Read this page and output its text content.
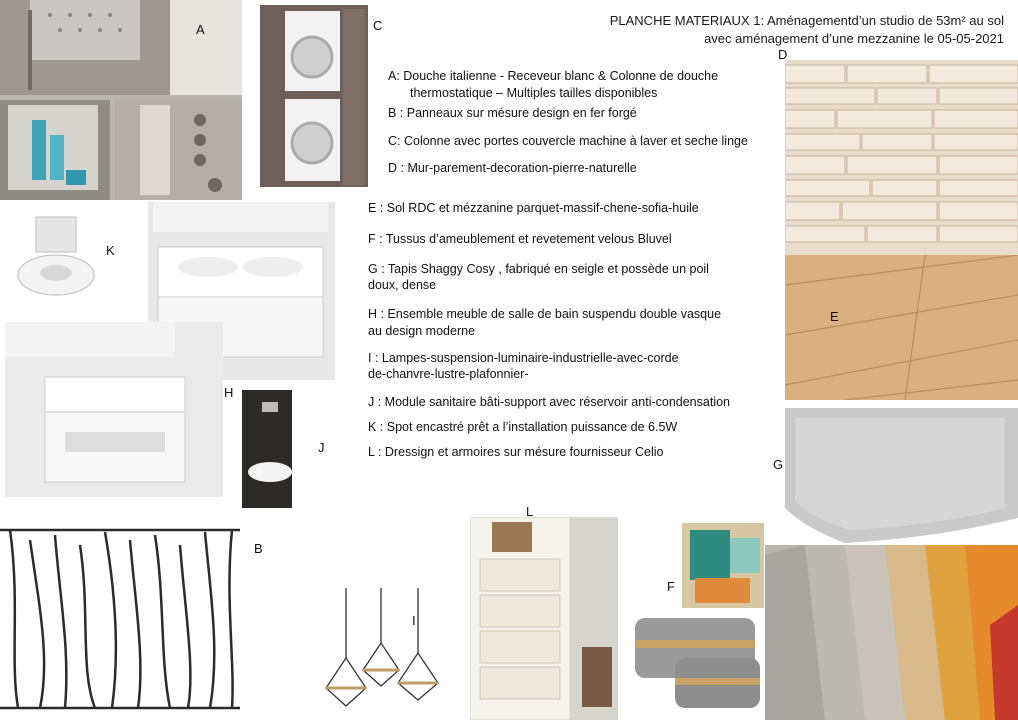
PLANCHE MATERIAUX 1: Aménagementd’un studio de 53m² au sol
avec aménagement d’une mezzanine le 05-05-2021
A	C
K
H
J
B
I
L
D
E
G
F
A: Douche italienne - Receveur blanc & Colonne de douche
thermostatique – Multiples tailles disponibles
B : Panneaux sur mésure design en fer forgé
C: Colonne avec portes couvercle machine à laver et seche linge
D : Mur-parement-decoration-pierre-naturelle
E : Sol RDC et mézzanine parquet-massif-chene-sofia-huile
F : Tussus d’ameublement et revetement velous Bluvel
G : Tapis Shaggy Cosy , fabriqué en seigle et possède un poil
doux, dense
H : Ensemble meuble de salle de bain suspendu double vasque
au design moderne
I : Lampes-suspension-luminaire-industrielle-avec-corde
de-chanvre-lustre-plafonnier-
J : Module sanitaire bâti-support avec réservoir anti-condensation
K : Spot encastré prêt a l’installation puissance de 6.5W
L : Dressign et armoires sur mésure fournisseur Celio
